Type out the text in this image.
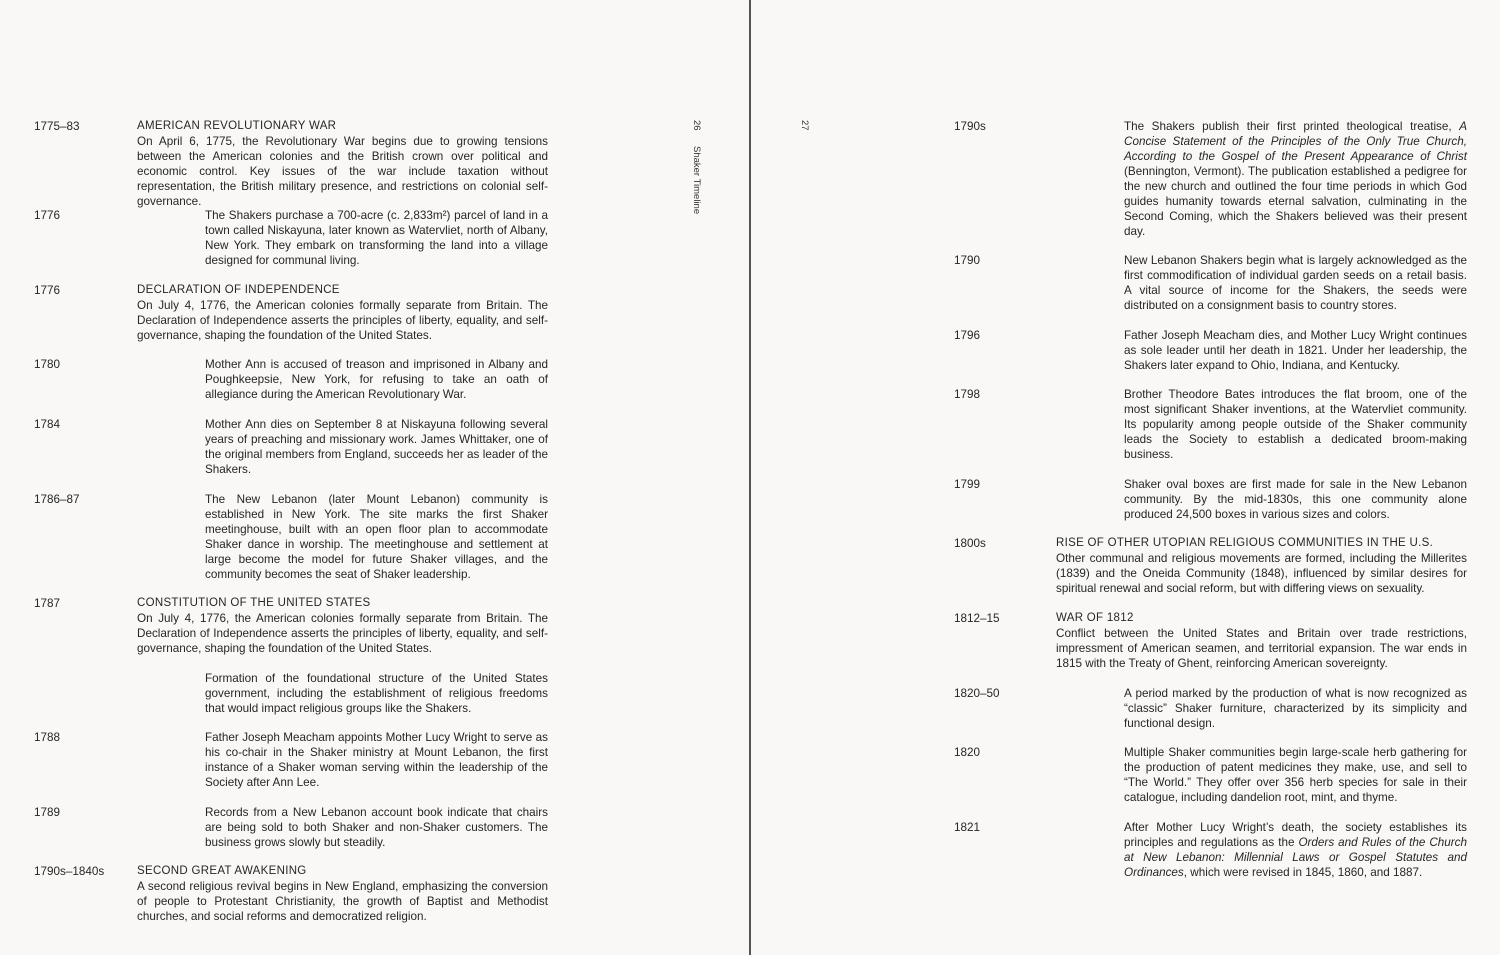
26
Shaker Timeline
1775–83	AMERICAN REVOLUTIONARY WAR

On April 6, 1775, the Revolutionary War begins due to growing tensions between the American colonies and the British crown over political and economic control. Key issues of the war include taxation without representation, the British military presence, and restrictions on colonial self-governance.

1776	The Shakers purchase a 700-acre (c. 2,833m²) parcel of land in a town called Niskayuna, later known as Watervliet, north of Albany, New York. They embark on transforming the land into a village designed for communal living.

1776	DECLARATION OF INDEPENDENCE

On July 4, 1776, the American colonies formally separate from Britain. The Declaration of Independence asserts the principles of liberty, equality, and self-governance, shaping the foundation of the United States.

1780	Mother Ann is accused of treason and imprisoned in Albany and Poughkeepsie, New York, for refusing to take an oath of allegiance during the American Revolutionary War.

1784	Mother Ann dies on September 8 at Niskayuna following several years of preaching and missionary work. James Whittaker, one of the original members from England, succeeds her as leader of the Shakers.

1786–87	The New Lebanon (later Mount Lebanon) community is established in New York. The site marks the first Shaker meetinghouse, built with an open floor plan to accommodate Shaker dance in worship. The meetinghouse and settlement at large become the model for future Shaker villages, and the community becomes the seat of Shaker leadership.

1787	CONSTITUTION OF THE UNITED STATES

On July 4, 1776, the American colonies formally separate from Britain. The Declaration of Independence asserts the principles of liberty, equality, and self-governance, shaping the foundation of the United States.

Formation of the foundational structure of the United States government, including the establishment of religious freedoms that would impact religious groups like the Shakers.

1788	Father Joseph Meacham appoints Mother Lucy Wright to serve as his co-chair in the Shaker ministry at Mount Lebanon, the first instance of a Shaker woman serving within the leadership of the Society after Ann Lee.

1789	Records from a New Lebanon account book indicate that chairs are being sold to both Shaker and non-Shaker customers. The business grows slowly but steadily.

1790s–1840s	SECOND GREAT AWAKENING

A second religious revival begins in New England, emphasizing the conversion of people to Protestant Christianity, the growth of Baptist and Methodist churches, and social reforms and democratized religion.

27	1790s	The Shakers publish their first printed theological treatise, A Concise Statement of the Principles of the Only True Church, According to the Gospel of the Present Appearance of Christ (Bennington, Vermont). The publication established a pedigree for the new church and outlined the four time periods in which God guides humanity towards eternal salvation, culminating in the Second Coming, which the Shakers believed was their present day.

1790	New Lebanon Shakers begin what is largely acknowledged as the first commodification of individual garden seeds on a retail basis. A vital source of income for the Shakers, the seeds were distributed on a consignment basis to country stores.

1796	Father Joseph Meacham dies, and Mother Lucy Wright continues as sole leader until her death in 1821. Under her leadership, the Shakers later expand to Ohio, Indiana, and Kentucky.

1798	Brother Theodore Bates introduces the flat broom, one of the most significant Shaker inventions, at the Watervliet community. Its popularity among people outside of the Shaker community leads the Society to establish a dedicated broom-making business.

1799	Shaker oval boxes are first made for sale in the New Lebanon community. By the mid-1830s, this one community alone produced 24,500 boxes in various sizes and colors.

1800s	RISE OF OTHER UTOPIAN RELIGIOUS COMMUNITIES IN THE U.S.

Other communal and religious movements are formed, including the Millerites (1839) and the Oneida Community (1848), influenced by similar desires for spiritual renewal and social reform, but with differing views on sexuality.

1812–15	WAR OF 1812

Conflict between the United States and Britain over trade restrictions, impressment of American seamen, and territorial expansion. The war ends in 1815 with the Treaty of Ghent, reinforcing American sovereignty.

1820–50	A period marked by the production of what is now recognized as “classic” Shaker furniture, characterized by its simplicity and functional design.

1820	Multiple Shaker communities begin large-scale herb gathering for the production of patent medicines they make, use, and sell to “The World.” They offer over 356 herb species for sale in their catalogue, including dandelion root, mint, and thyme.

1821	After Mother Lucy Wright’s death, the society establishes its principles and regulations as the Orders and Rules of the Church at New Lebanon: Millennial Laws or Gospel Statutes and Ordinances, which were revised in 1845, 1860, and 1887.
